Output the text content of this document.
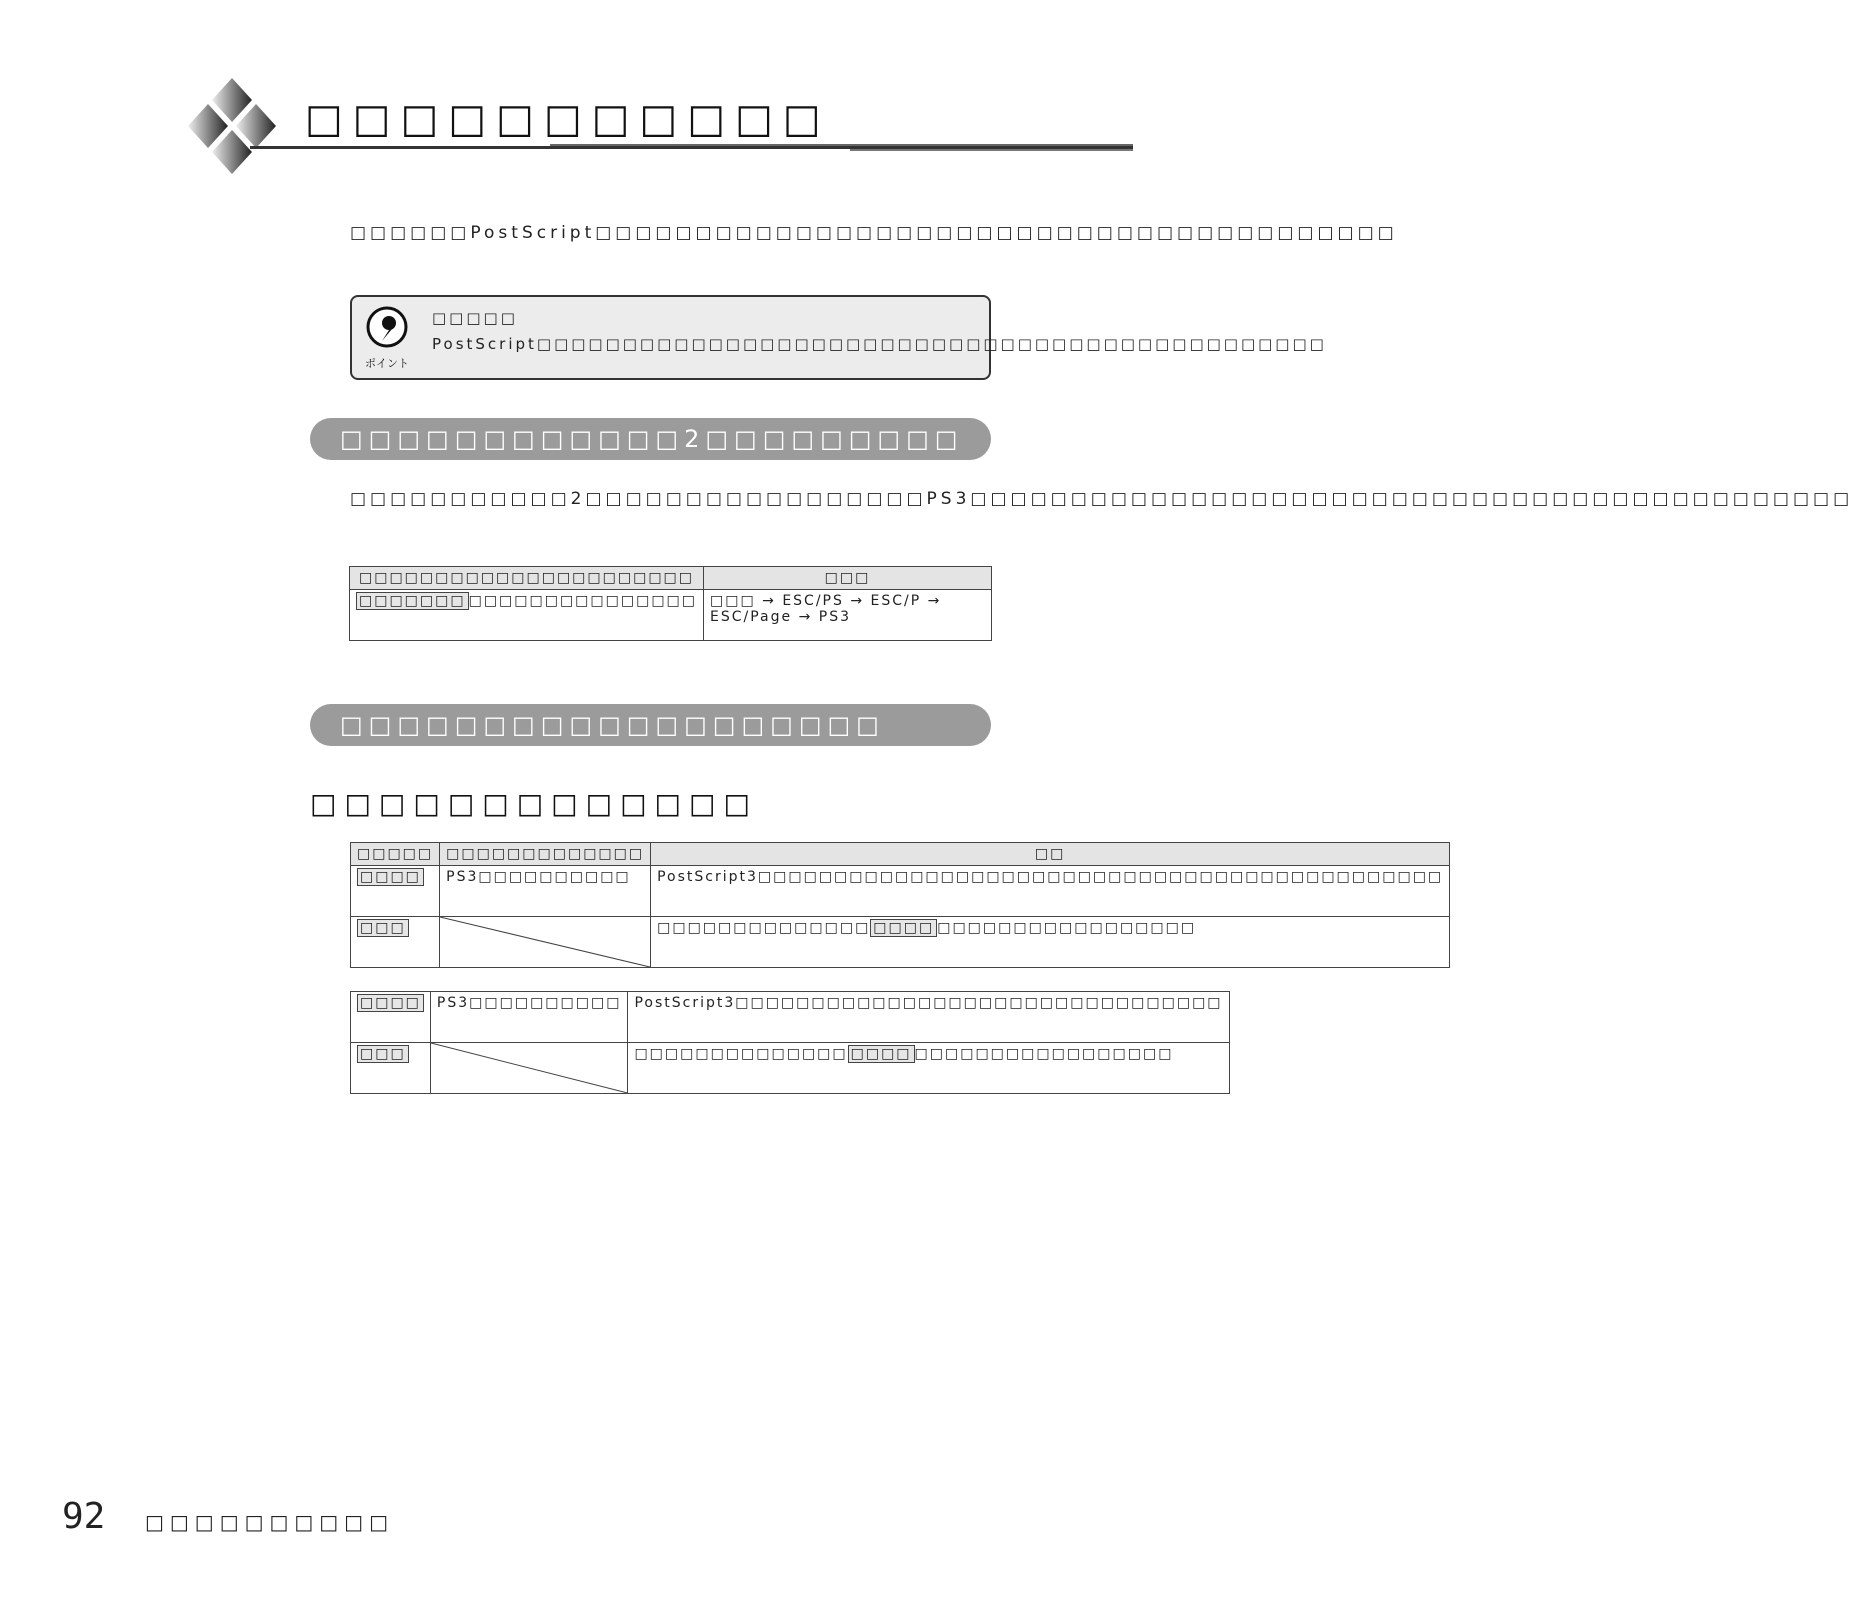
□□□□□□□□□□□
□□□□□□PostScript□□□□□□□□□□□□□□□□□□□□□□□□□□□□□□□□□□□□□□□□
ポイント
□□□□□ PostScript□□□□□□□□□□□□□□□□□□□□□□□□□□□□□□□□□□□□□□□□□□□□□□
□□□□□□□□□□□□2□□□□□□□□□
□□□□□□□□□□□2□□□□□□□□□□□□□□□□□PS3□□□□□□□□□□□□□□□□□□□□□□□□□□□□□□□□□□□□□□□□□□□□
□□□□□□□□□□□□□□□□□□□□□□	□□□
□□□□□□□ □□□□□□□□□□□□□□□	□□□ → ESC/PS → ESC/P → ESC/Page → PS3
□□□□□□□□□□□□□□□□□□□
□□□□□□□□□□□□□
□□□□□	□□□□□□□□□□□□□	□□
□□□□	PS3□□□□□□□□□□	PostScript3□□□□□□□□□□□□□□□□□□□□□□□□□□□□□□□□□□□□□□□□□□□□□
□□□		□□□□□□□□□□□□□□ □□□□ □□□□□□□□□□□□□□□□□
□□□□	PS3□□□□□□□□□□	PostScript3□□□□□□□□□□□□□□□□□□□□□□□□□□□□□□□□
□□□		□□□□□□□□□□□□□□ □□□□ □□□□□□□□□□□□□□□□□
92 □□□□□□□□□□
